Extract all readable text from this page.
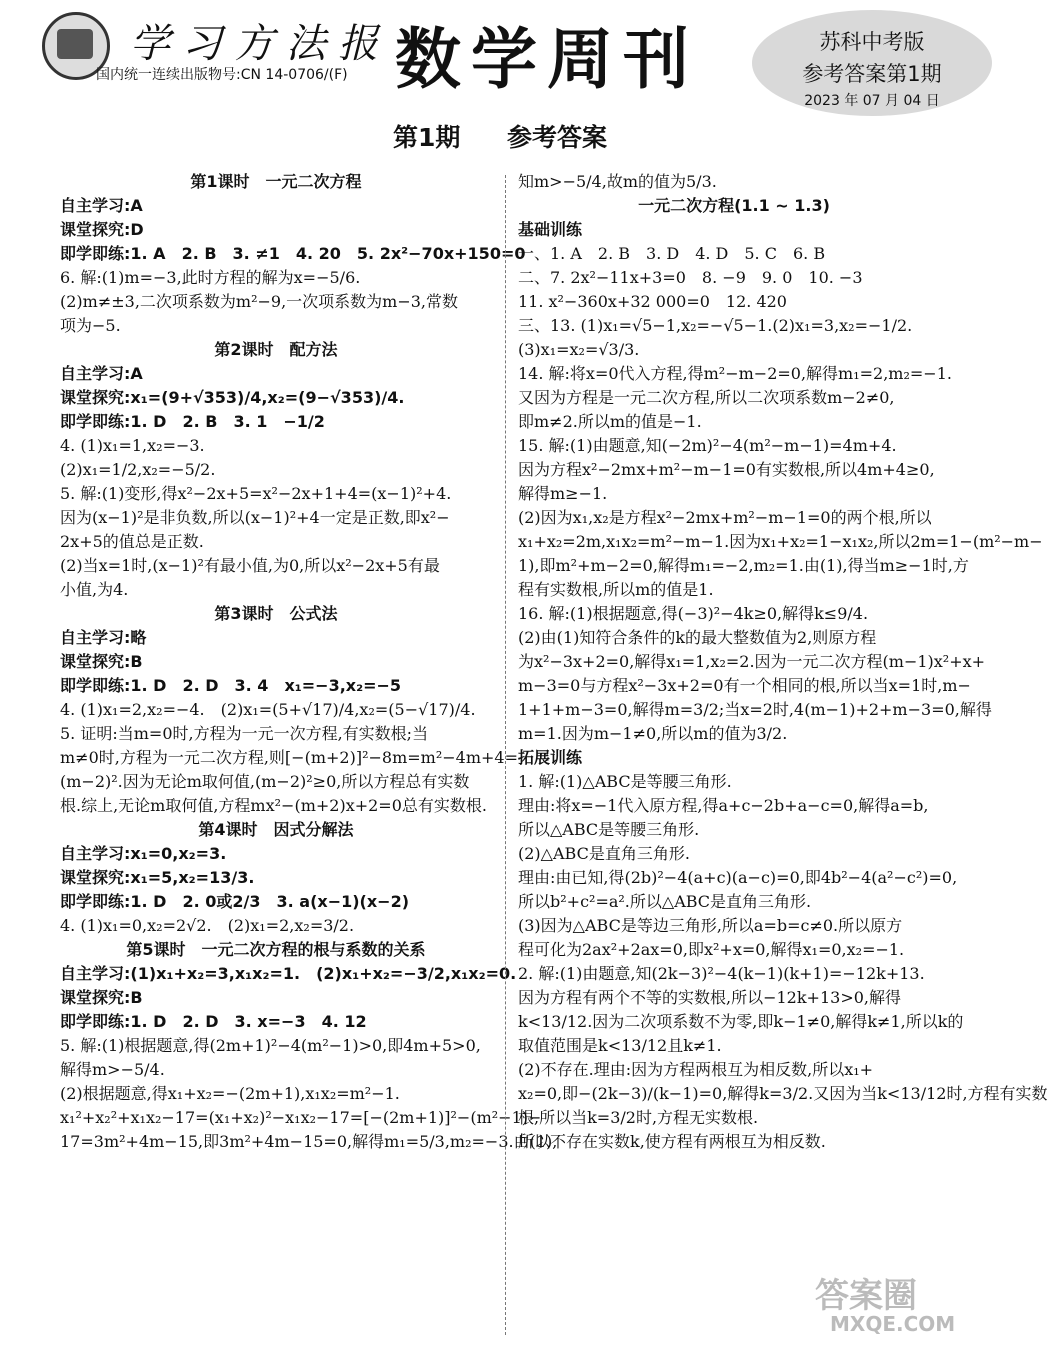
学习方法报
国内统一连续出版物号:CN 14-0706/(F) 数学周刊	苏科中考版
参考答案第1期
2023 年 07 月 04 日
第1期 参考答案
第1课时　一元二次方程
自主学习:A
课堂探究:D
即学即练:1. A　2. B　3. ≠1　4. 20　5. 2x²−70x+150=0
6. 解:(1)m=−3,此时方程的解为x=−5/6.
(2)m≠±3,二次项系数为m²−9,一次项系数为m−3,常数
项为−5.
第2课时　配方法
自主学习:A
课堂探究:x₁=(9+√353)/4,x₂=(9−√353)/4.
即学即练:1. D　2. B　3. 1　−1/2
4. (1)x₁=1,x₂=−3.
(2)x₁=1/2,x₂=−5/2.
5. 解:(1)变形,得x²−2x+5=x²−2x+1+4=(x−1)²+4.
因为(x−1)²是非负数,所以(x−1)²+4一定是正数,即x²−
2x+5的值总是正数.
(2)当x=1时,(x−1)²有最小值,为0,所以x²−2x+5有最
小值,为4.
第3课时　公式法
自主学习:略
课堂探究:B
即学即练:1. D　2. D　3. 4　x₁=−3,x₂=−5
4. (1)x₁=2,x₂=−4.　(2)x₁=(5+√17)/4,x₂=(5−√17)/4.
5. 证明:当m=0时,方程为一元一次方程,有实数根;当
m≠0时,方程为一元二次方程,则[−(m+2)]²−8m=m²−4m+4=
(m−2)².因为无论m取何值,(m−2)²≥0,所以方程总有实数
根.综上,无论m取何值,方程mx²−(m+2)x+2=0总有实数根.
第4课时　因式分解法
自主学习:x₁=0,x₂=3.
课堂探究:x₁=5,x₂=13/3.
即学即练:1. D　2. 0或2/3　3. a(x−1)(x−2)
4. (1)x₁=0,x₂=2√2.　(2)x₁=2,x₂=3/2.
第5课时　一元二次方程的根与系数的关系
自主学习:(1)x₁+x₂=3,x₁x₂=1.　(2)x₁+x₂=−3/2,x₁x₂=0.
课堂探究:B
即学即练:1. D　2. D　3. x=−3　4. 12
5. 解:(1)根据题意,得(2m+1)²−4(m²−1)>0,即4m+5>0,
解得m>−5/4.
(2)根据题意,得x₁+x₂=−(2m+1),x₁x₂=m²−1.
x₁²+x₂²+x₁x₂−17=(x₁+x₂)²−x₁x₂−17=[−(2m+1)]²−(m²−1)−
17=3m²+4m−15,即3m²+4m−15=0,解得m₁=5/3,m₂=−3.由(1),
知m>−5/4,故m的值为5/3.
一元二次方程(1.1 ~ 1.3)
基础训练
一、1. A　2. B　3. D　4. D　5. C　6. B
二、7. 2x²−11x+3=0　8. −9　9. 0　10. −3
11. x²−360x+32 000=0　12. 420
三、13. (1)x₁=√5−1,x₂=−√5−1.(2)x₁=3,x₂=−1/2.
(3)x₁=x₂=√3/3.
14. 解:将x=0代入方程,得m²−m−2=0,解得m₁=2,m₂=−1.
又因为方程是一元二次方程,所以二次项系数m−2≠0,
即m≠2.所以m的值是−1.
15. 解:(1)由题意,知(−2m)²−4(m²−m−1)=4m+4.
因为方程x²−2mx+m²−m−1=0有实数根,所以4m+4≥0,
解得m≥−1.
(2)因为x₁,x₂是方程x²−2mx+m²−m−1=0的两个根,所以
x₁+x₂=2m,x₁x₂=m²−m−1.因为x₁+x₂=1−x₁x₂,所以2m=1−(m²−m−
1),即m²+m−2=0,解得m₁=−2,m₂=1.由(1),得当m≥−1时,方
程有实数根,所以m的值是1.
16. 解:(1)根据题意,得(−3)²−4k≥0,解得k≤9/4.
(2)由(1)知符合条件的k的最大整数值为2,则原方程
为x²−3x+2=0,解得x₁=1,x₂=2.因为一元二次方程(m−1)x²+x+
m−3=0与方程x²−3x+2=0有一个相同的根,所以当x=1时,m−
1+1+m−3=0,解得m=3/2;当x=2时,4(m−1)+2+m−3=0,解得
m=1.因为m−1≠0,所以m的值为3/2.
拓展训练
1. 解:(1)△ABC是等腰三角形.
理由:将x=−1代入原方程,得a+c−2b+a−c=0,解得a=b,
所以△ABC是等腰三角形.
(2)△ABC是直角三角形.
理由:由已知,得(2b)²−4(a+c)(a−c)=0,即4b²−4(a²−c²)=0,
所以b²+c²=a².所以△ABC是直角三角形.
(3)因为△ABC是等边三角形,所以a=b=c≠0.所以原方
程可化为2ax²+2ax=0,即x²+x=0,解得x₁=0,x₂=−1.
2. 解:(1)由题意,知(2k−3)²−4(k−1)(k+1)=−12k+13.
因为方程有两个不等的实数根,所以−12k+13>0,解得
k<13/12.因为二次项系数不为零,即k−1≠0,解得k≠1,所以k的
取值范围是k<13/12且k≠1.
(2)不存在.理由:因为方程两根互为相反数,所以x₁+
x₂=0,即−(2k−3)/(k−1)=0,解得k=3/2.又因为当k<13/12时,方程有实数
根,所以当k=3/2时,方程无实数根.
所以不存在实数k,使方程有两根互为相反数.
答案圈
MXQE.COM
